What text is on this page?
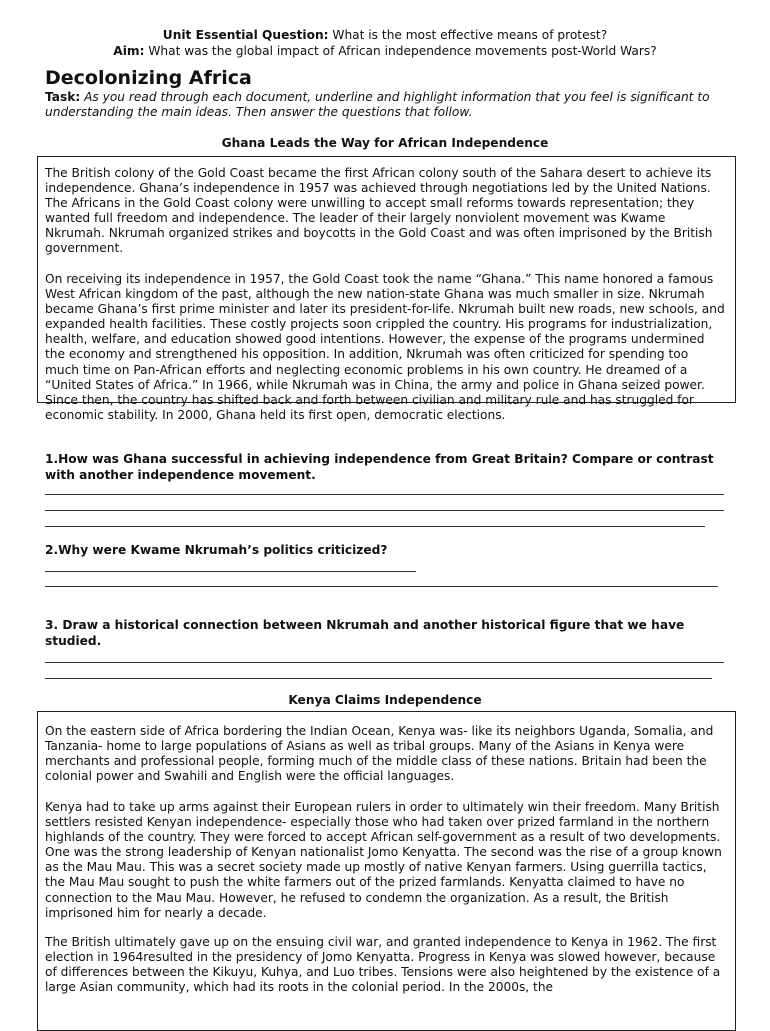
Unit Essential Question: What is the most effective means of protest?
Aim: What was the global impact of African independence movements post-World Wars?
Decolonizing Africa
Task: As you read through each document, underline and highlight information that you feel is significant to understanding the main ideas. Then answer the questions that follow.
Ghana Leads the Way for African Independence

The British colony of the Gold Coast became the first African colony south of the Sahara desert to achieve its independence. Ghana’s independence in 1957 was achieved through negotiations led by the United Nations. The Africans in the Gold Coast colony were unwilling to accept small reforms towards representation; they wanted full freedom and independence. The leader of their largely nonviolent movement was Kwame Nkrumah. Nkrumah organized strikes and boycotts in the Gold Coast and was often imprisoned by the British government.

On receiving its independence in 1957, the Gold Coast took the name “Ghana.” This name honored a famous West African kingdom of the past, although the new nation-state Ghana was much smaller in size. Nkrumah became Ghana’s first prime minister and later its president-for-life. Nkrumah built new roads, new schools, and expanded health facilities. These costly projects soon crippled the country. His programs for industrialization, health, welfare, and education showed good intentions. However, the expense of the programs undermined the economy and strengthened his opposition. In addition, Nkrumah was often criticized for spending too much time on Pan-African efforts and neglecting economic problems in his own country. He dreamed of a “United States of Africa.” In 1966, while Nkrumah was in China, the army and police in Ghana seized power. Since then, the country has shifted back and forth between civilian and military rule and has struggled for economic stability. In 2000, Ghana held its first open, democratic elections.

1.How was Ghana successful in achieving independence from Great Britain? Compare or contrast with another independence movement.
2.Why were Kwame Nkrumah’s politics criticized?
3. Draw a historical connection between Nkrumah and another historical figure that we have studied.
Kenya Claims Independence

On the eastern side of Africa bordering the Indian Ocean, Kenya was- like its neighbors Uganda, Somalia, and Tanzania- home to large populations of Asians as well as tribal groups. Many of the Asians in Kenya were merchants and professional people, forming much of the middle class of these nations. Britain had been the colonial power and Swahili and English were the official languages.

Kenya had to take up arms against their European rulers in order to ultimately win their freedom. Many British settlers resisted Kenyan independence- especially those who had taken over prized farmland in the northern highlands of the country. They were forced to accept African self-government as a result of two developments. One was the strong leadership of Kenyan nationalist Jomo Kenyatta. The second was the rise of a group known as the Mau Mau. This was a secret society made up mostly of native Kenyan farmers. Using guerrilla tactics, the Mau Mau sought to push the white farmers out of the prized farmlands. Kenyatta claimed to have no connection to the Mau Mau. However, he refused to condemn the organization. As a result, the British imprisoned him for nearly a decade.

The British ultimately gave up on the ensuing civil war, and granted independence to Kenya in 1962. The first election in 1964resulted in the presidency of Jomo Kenyatta. Progress in Kenya was slowed however, because of differences between the Kikuyu, Kuhya, and Luo tribes. Tensions were also heightened by the existence of a large Asian community, which had its roots in the colonial period. In the 2000s, the
